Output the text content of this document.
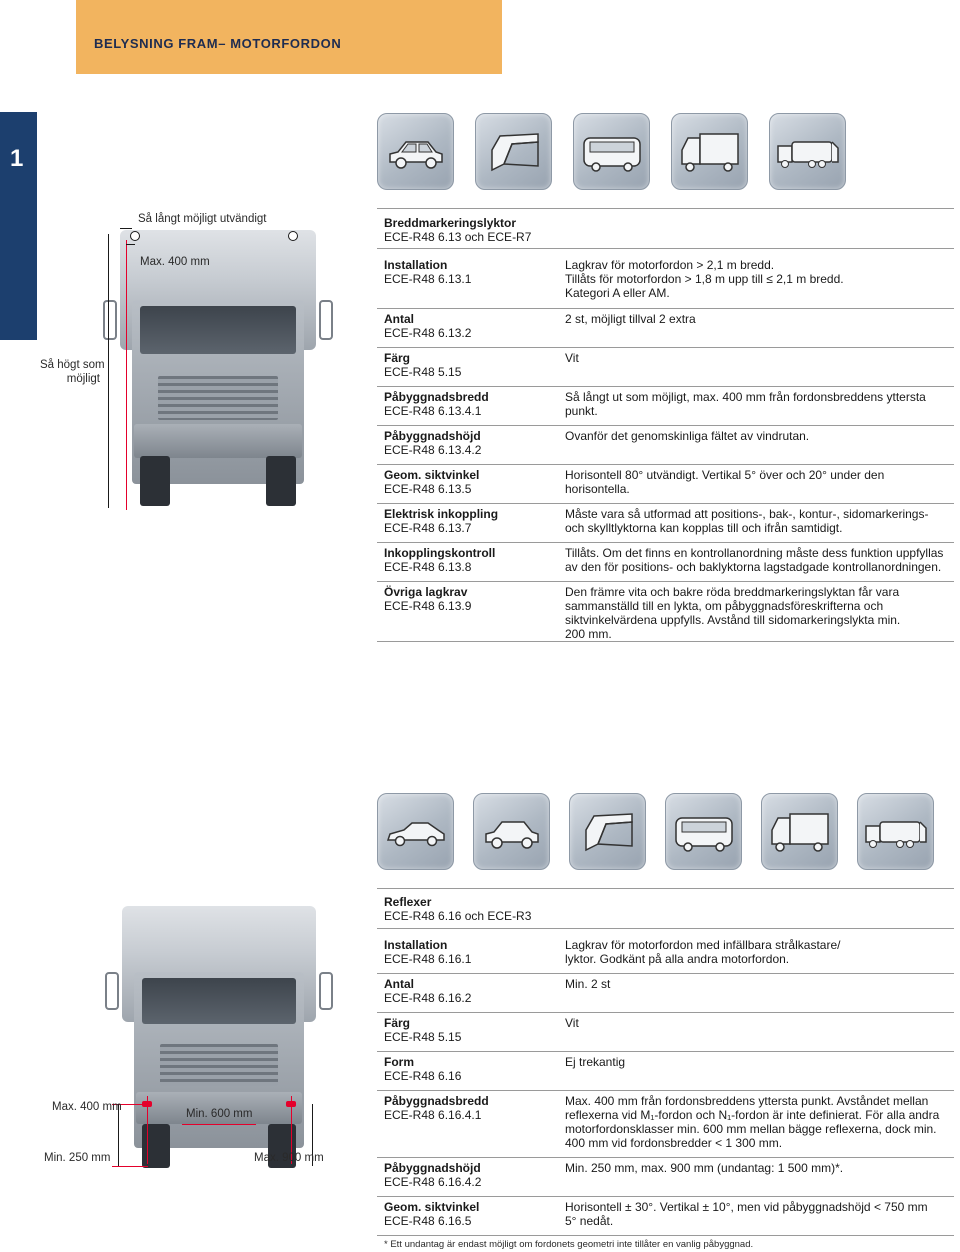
BELYSNING FRAM– MOTORFORDON
1
Så långt möjligt utvändigt
Max. 400 mm
Så högt som
möjligt
Breddmarkeringslyktor
ECE-R48 6.13 och ECE-R7
Installation
ECE-R48 6.13.1
Lagkrav för motorfordon > 2,1 m bredd.
Tillåts för motorfordon > 1,8 m upp till ≤ 2,1 m bredd.
Kategori A eller AM.
Antal
ECE-R48 6.13.2
2 st, möjligt tillval 2 extra
Färg
ECE-R48 5.15
Vit
Påbyggnadsbredd
ECE-R48 6.13.4.1
Så långt ut som möjligt, max. 400 mm från fordonsbreddens yttersta
punkt.
Påbyggnadshöjd
ECE-R48 6.13.4.2
Ovanför det genomskinliga fältet av vindrutan.
Geom. siktvinkel
ECE-R48 6.13.5
Horisontell 80° utvändigt. Vertikal 5° över och 20° under den
horisontella.
Elektrisk inkoppling
ECE-R48 6.13.7
Måste vara så utformad att positions-, bak-, kontur-, sidomarkerings-
och skylltlyktorna kan kopplas till och ifrån samtidigt.
Inkopplingskontroll
ECE-R48 6.13.8
Tillåts. Om det finns en kontrollanordning måste dess funktion uppfyllas
av den för positions- och baklyktorna lagstadgade kontrollanordningen.
Övriga lagkrav
ECE-R48 6.13.9
Den främre vita och bakre röda breddmarkeringslyktan får vara
sammanställd till en lykta, om påbyggnadsföreskrifterna och
siktvinkelvärdena uppfylls. Avstånd till sidomarkeringslykta min.
200 mm.
Max. 400 mm
Min. 600 mm
Min. 250 mm	Max. 900 mm
Reflexer
ECE-R48 6.16 och ECE-R3
Installation
ECE-R48 6.16.1
Lagkrav för motorfordon med infällbara strålkastare/
lyktor. Godkänt på alla andra motorfordon.
Antal
ECE-R48 6.16.2
Min. 2 st
Färg
ECE-R48 5.15
Vit
Form
ECE-R48 6.16
Ej trekantig
Påbyggnadsbredd
ECE-R48 6.16.4.1
Max. 400 mm från fordonsbreddens yttersta punkt. Avståndet mellan
reflexerna vid M₁-fordon och N₁-fordon är inte definierat. För alla andra
motorfordonsklasser min. 600 mm mellan bägge reflexerna, dock min.
400 mm vid fordonsbredder < 1 300 mm.
Påbyggnadshöjd
ECE-R48 6.16.4.2
Min. 250 mm, max. 900 mm (undantag: 1 500 mm)*.
Geom. siktvinkel
ECE-R48 6.16.5
Horisontell ± 30°. Vertikal ± 10°, men vid påbyggnadshöjd < 750 mm
5° nedåt.
* Ett undantag är endast möjligt om fordonets geometri inte tillåter en vanlig påbyggnad.
